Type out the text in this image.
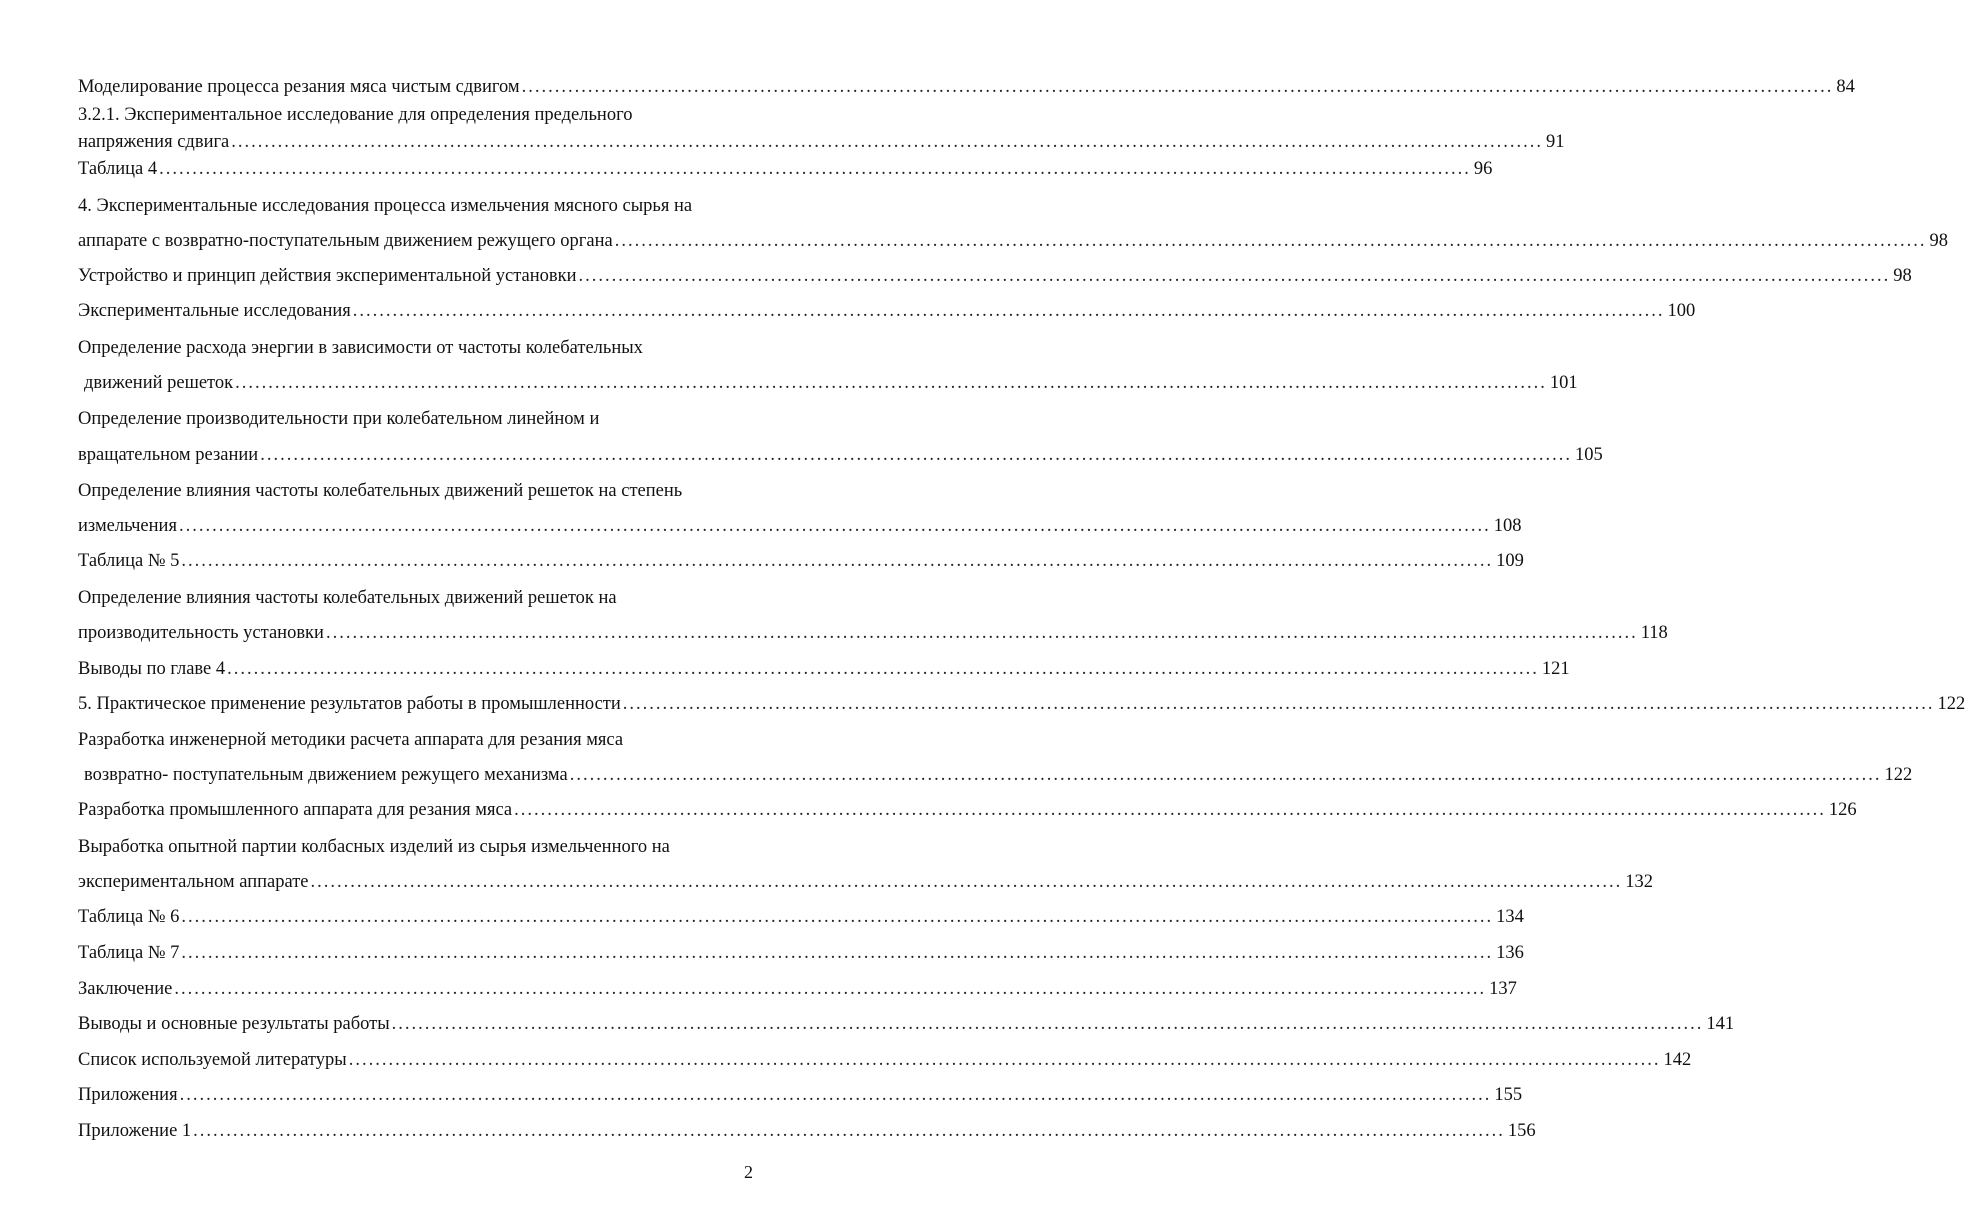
Моделирование процесса резания мяса чистым сдвигом .....	84
3.2.1. Экспериментальное исследование для определения предельного
напряжения сдвига .....	91
Таблица 4 .....	96
4. Экспериментальные исследования процесса измельчения мясного сырья на
аппарате с возвратно-поступательным движением режущего органа .....	98
Устройство и принцип действия экспериментальной установки .....	98
Экспериментальные исследования .....	100
Определение расхода энергии в зависимости от частоты колебательных
движений решеток .....	101
Определение производительности при колебательном линейном и
вращательном резании .....	105
Определение влияния частоты колебательных движений решеток на степень
измельчения .....	108
Таблица № 5 .....	109
Определение влияния частоты колебательных движений решеток на
производительность установки .....	118
Выводы по главе 4 .....	121
5. Практическое применение результатов работы в промышленности .....	122
Разработка инженерной методики расчета аппарата для резания мяса
возвратно- поступательным движением режущего механизма .....	122
Разработка промышленного аппарата для резания мяса .....	126
Выработка опытной партии колбасных изделий из сырья измельченного на
экспериментальном аппарате .....	132
Таблица № 6 .....	134
Таблица № 7 .....	136
Заключение .....	137
Выводы и основные результаты работы .....	141
Список используемой литературы .....	142
Приложения .....	155
Приложение 1 .....	156
2
